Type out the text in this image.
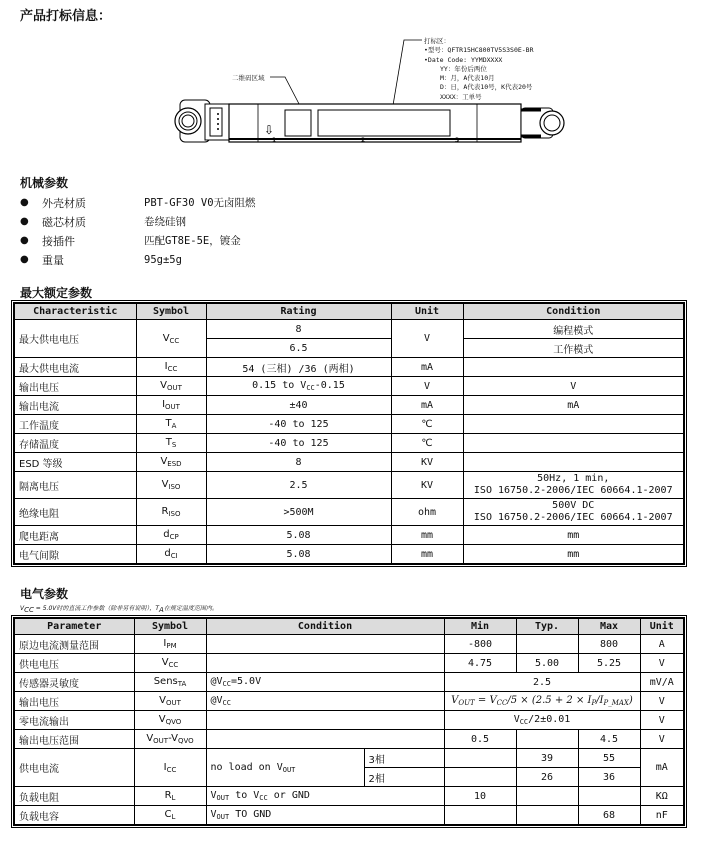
产品打标信息：
⇩
1	2	3
二维码区域
打标区：
•型号：QFTR15HC800TV5S3S0E-BR
•Date Code: YYMDXXXX
YY：年份后两位
M：月，A代表10月
D：日，A代表10号，K代表20号
XXXX：工单号
机械参数
●	外壳材质	PBT-GF30 V0无卤阻燃
●	磁芯材质	卷绕硅钢
●	接插件	匹配GT8E-5E，镀金
●	重量	95g±5g
最大额定参数
Characteristic	Symbol	Rating	Unit	Condition
最大供电电压	$V_{CC}$	8	V	编程模式
		6.5		工作模式
最大供电电流	$I_{CC}$	54 (三相) /36 (两相)	mA	
输出电压	$V_{OUT}$	0.15 to $V_{CC}-0.15$	V	V
输出电流	$I_{OUT}$	±40	mA	mA
工作温度	$T_A$	-40 to 125	℃	
存储温度	$T_S$	-40 to 125	℃	
ESD 等级	$V_{ESD}$	8	KV	
隔离电压	$V_{ISO}$	2.5	KV	50Hz, 1 min,
ISO 16750.2-2006/IEC 60664.1-2007

绝缘电阻	$R_{ISO}$	>500M	ohm	500V DC
ISO 16750.2-2006/IEC 60664.1-2007

爬电距离	$d_{CP}$	5.08	mm	mm
电气间隙	$d_{CI}$	5.08	mm	mm
电气参数
$V_{CC} = 5.0V$时的直流工作参数（除非另有说明），$T_A$在规定温度范围内。
Parameter	Symbol	Condition		Min	Typ.	Max	Unit
原边电流测量范围	$I_{PM}$			-800		800	A
供电电压	$V_{CC}$			4.75	5.00	5.25	V
传感器灵敏度	Sens$_{TA}$	$@V_{CC}=5.0V$		2.5			mV/A
输出电压	$V_{OUT}$	$@V_{CC}$		$V_{OUT} = V_{CC}/5 \times (2.5 + 2 \times I_P/I_{P\_MAX})$			V
零电流输出	$V_{QVO}$			$V_{CC}/2\pm 0.01$			V
输出电压范围	$V_{OUT}-V_{QVO}$			0.5		4.5	V
供电电流	$I_{CC}$	no load on $V_{OUT}$	3相		39	55	mA
			2相		26	36	
负载电阻	$R_L$	$V_{OUT}$ to $V_{CC}$ or GND		10			KΩ
负载电容	$C_L$	$V_{OUT}$ TO GND				68	nF
